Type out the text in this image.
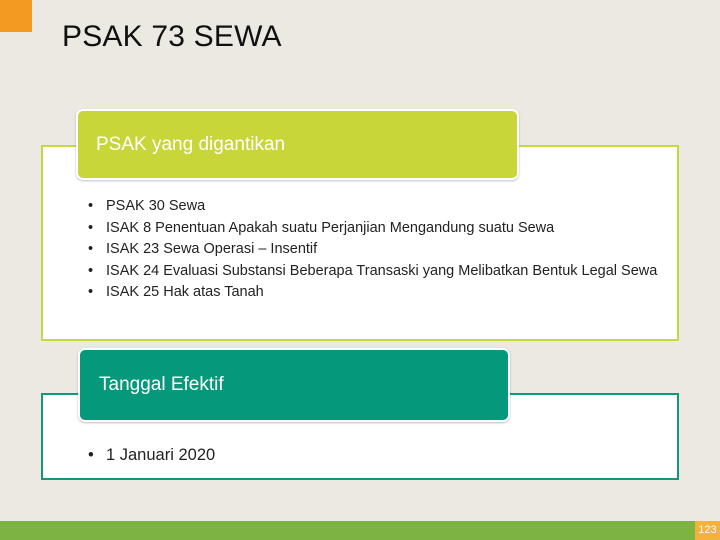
PSAK 73 SEWA
PSAK yang digantikan
• PSAK 30 Sewa
• ISAK 8 Penentuan Apakah suatu Perjanjian Mengandung suatu Sewa
• ISAK 23 Sewa Operasi – Insentif
• ISAK 24 Evaluasi Substansi Beberapa Transaski yang Melibatkan Bentuk Legal Sewa
• ISAK 25 Hak atas Tanah
Tanggal Efektif
• 1 Januari 2020
123
